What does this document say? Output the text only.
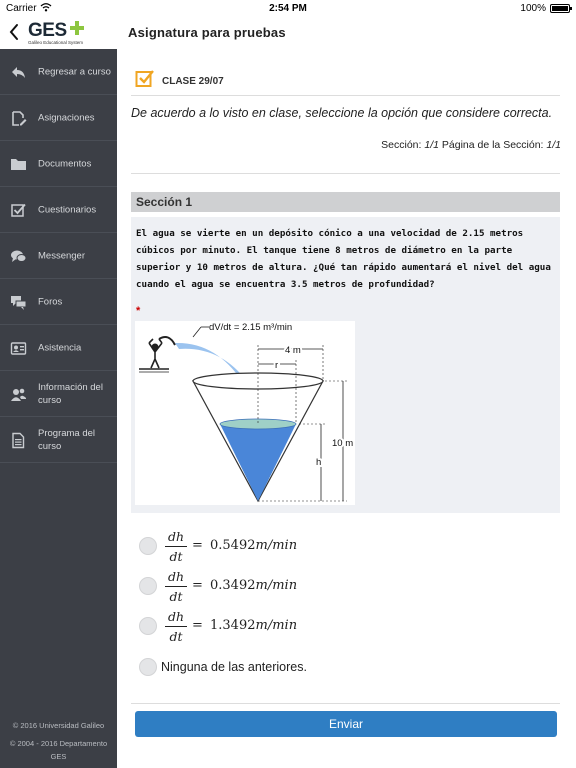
Carrier	2:54 PM	100%
GES
Galileo Educational System
Asignatura para pruebas
Regresar a curso
Asignaciones
Documentos
Cuestionarios
Messenger
Foros
Asistencia
Información del curso
Programa del curso
© 2016 Universidad Galileo
© 2004 - 2016 Departamento
GES
CLASE 29/07
De acuerdo a lo visto en clase, seleccione la opción que considere correcta.
Sección: 1/1 Página de la Sección: 1/1
Sección 1
El agua se vierte en un depósito cónico a una velocidad de 2.15 metros cúbicos por minuto. El tanque tiene 8 metros de diámetro en la parte superior y 10 metros de altura. ¿Qué tan rápido aumentará el nivel del agua cuando el agua se encuentra 3.5 metros de profundidad?
*
dV/dt = 2.15 m³/min
4 m
r
10 m
h
$\frac{dh}{dt} = 0.5492m/\min$
$\frac{dh}{dt} = 0.3492m/\min$
$\frac{dh}{dt} = 1.3492m/\min$
Ninguna de las anteriores.
Enviar
